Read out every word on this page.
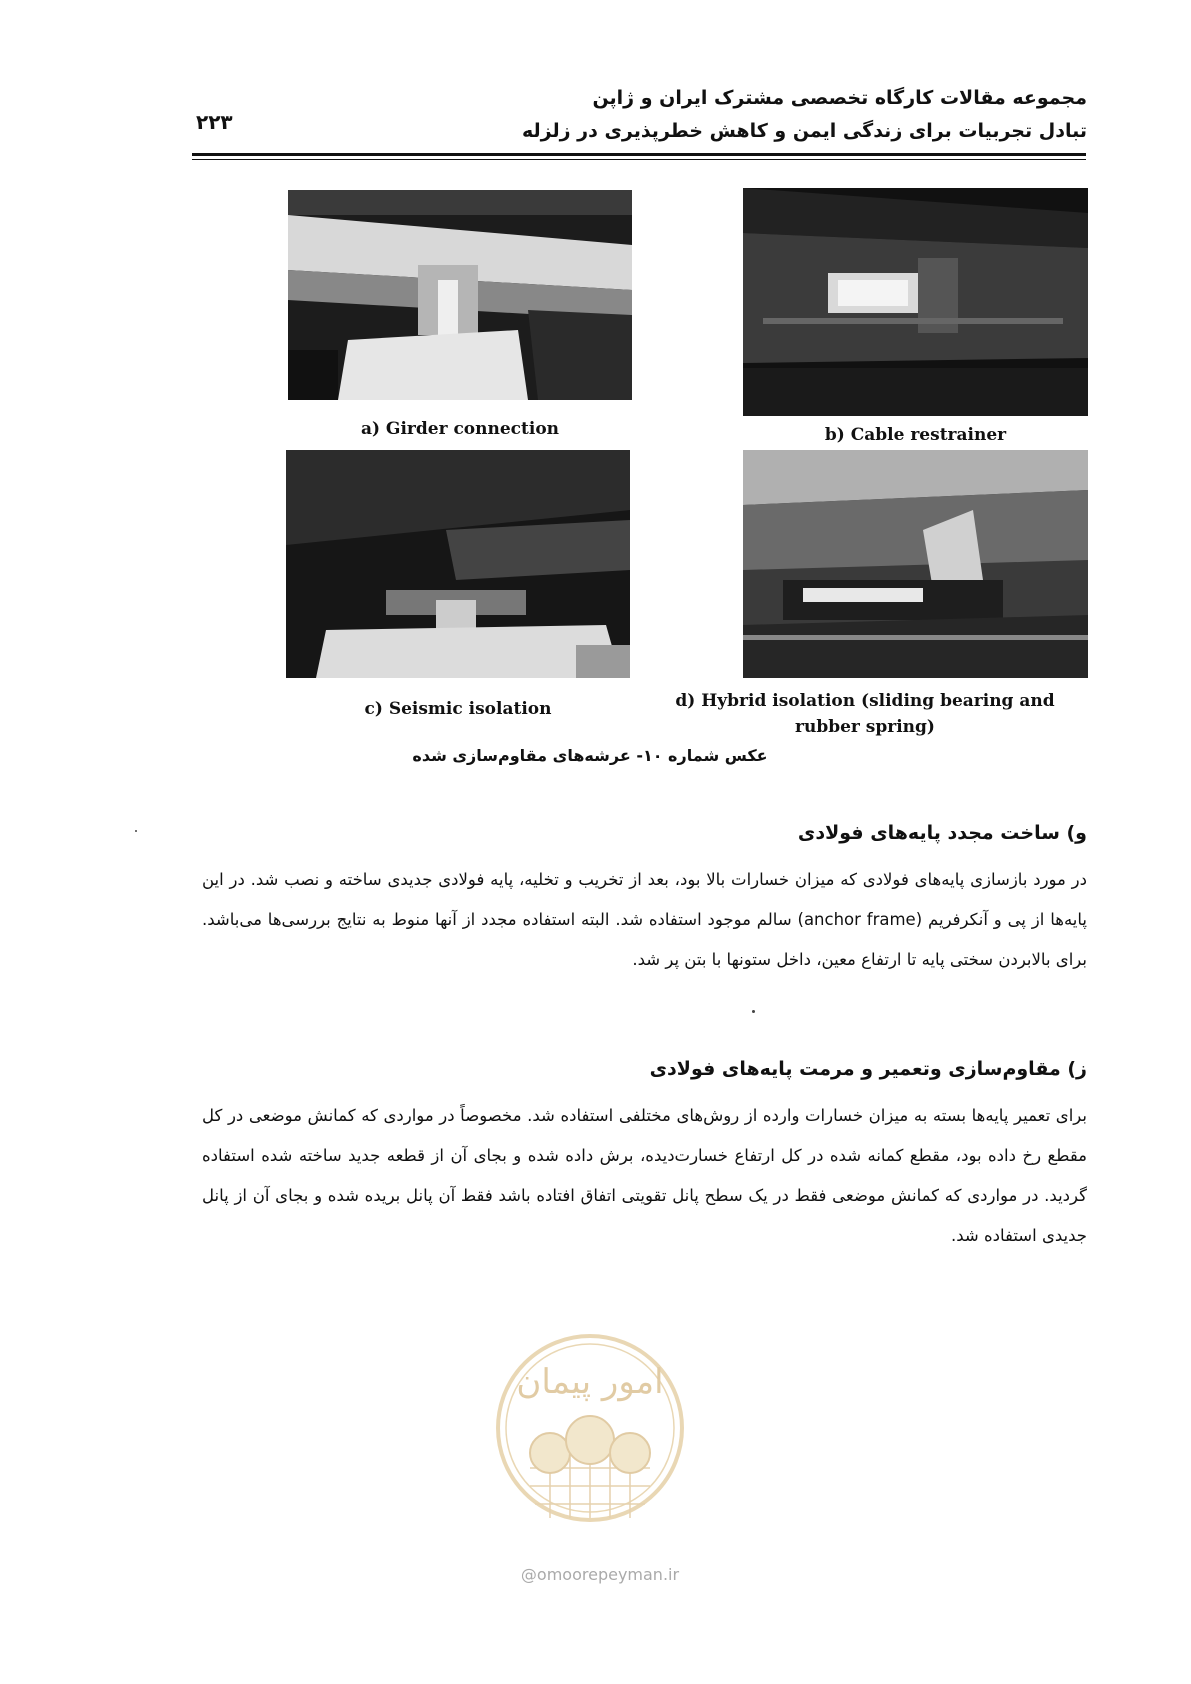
مجموعه مقالات کارگاه تخصصی مشترک ایران و ژاپن
تبادل تجربیات برای زندگی ایمن و کاهش خطرپذیری در زلزله
۲۲۳
a) Girder connection	b) Cable restrainer
c) Seismic isolation	d) Hybrid isolation (sliding bearing and rubber spring)
عکس شماره ۱۰- عرشه‌های مقاوم‌سازی شده
و) ساخت مجدد پایه‌های فولادی
در مورد بازسازی پایه‌های فولادی که میزان خسارات بالا بود، بعد از تخریب و تخلیه، پایه فولادی جدیدی ساخته و نصب شد. در این پایه‌ها از پی و آنکرفریم (anchor frame) سالم موجود استفاده شد. البته استفاده مجدد از آنها منوط به نتایج بررسی‌ها می‌باشد. برای بالابردن سختی پایه تا ارتفاع معین، داخل ستونها با بتن پر شد.
ز) مقاوم‌سازی وتعمیر و مرمت پایه‌های فولادی
برای تعمیر پایه‌ها بسته به میزان خسارات وارده از روش‌های مختلفی استفاده شد. مخصوصاً در مواردی که کمانش موضعی در کل مقطع رخ داده بود، مقطع کمانه شده در کل ارتفاع خسارت‌دیده، برش داده شده و بجای آن از قطعه جدید ساخته شده استفاده گردید. در مواردی که کمانش موضعی فقط در یک سطح پانل تقویتی اتفاق افتاده باشد فقط آن پانل بریده شده و بجای آن از پانل جدیدی استفاده شد.
امور پیمان
@omoorepeyman.ir
